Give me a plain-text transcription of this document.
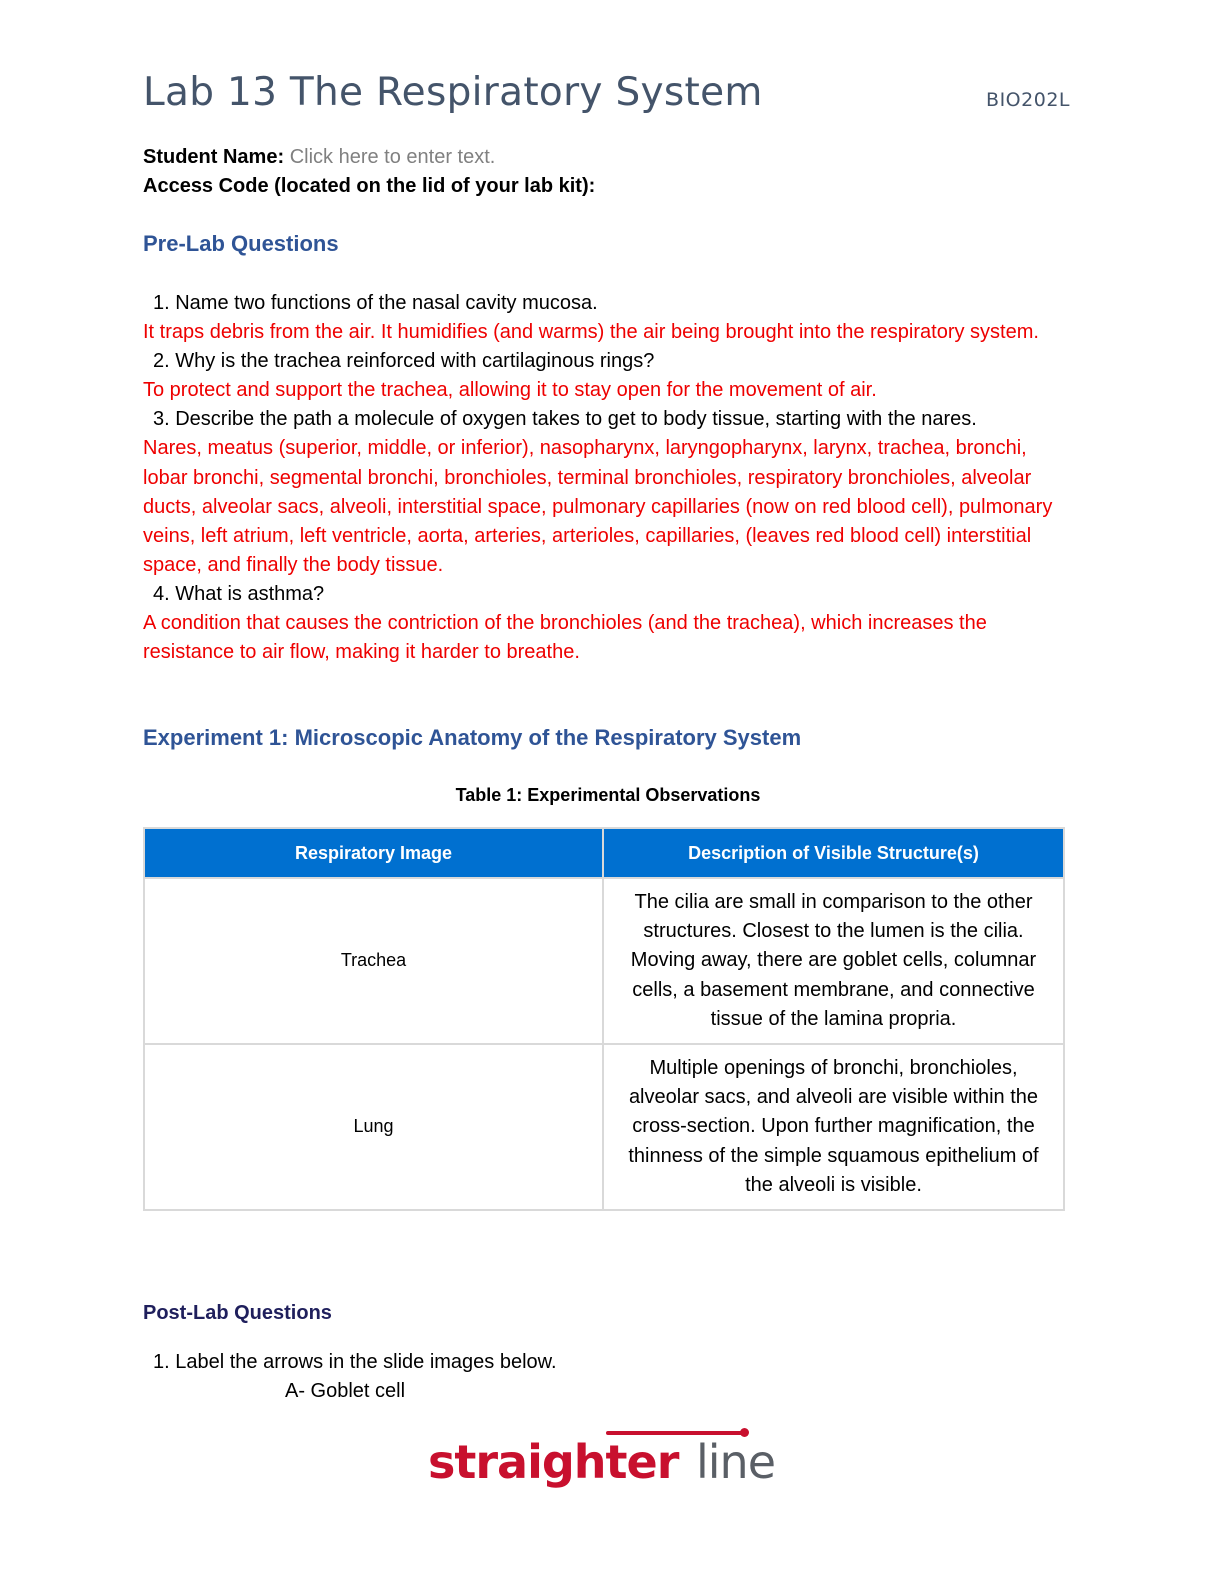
Lab 13 The Respiratory System	BIO202L
Student Name: Click here to enter text.
Access Code (located on the lid of your lab kit):
Pre-Lab Questions
1. Name two functions of the nasal cavity mucosa.
It traps debris from the air. It humidifies (and warms) the air being brought into the respiratory system.
2. Why is the trachea reinforced with cartilaginous rings?
To protect and support the trachea, allowing it to stay open for the movement of air.
3. Describe the path a molecule of oxygen takes to get to body tissue, starting with the nares.
Nares, meatus (superior, middle, or inferior), nasopharynx, laryngopharynx, larynx, trachea, bronchi, lobar bronchi, segmental bronchi, bronchioles, terminal bronchioles, respiratory bronchioles, alveolar ducts, alveolar sacs, alveoli, interstitial space, pulmonary capillaries (now on red blood cell), pulmonary veins, left atrium, left ventricle, aorta, arteries, arterioles, capillaries, (leaves red blood cell) interstitial space, and finally the body tissue.
4. What is asthma?
A condition that causes the contriction of the bronchioles (and the trachea), which increases the resistance to air flow, making it harder to breathe.
Experiment 1: Microscopic Anatomy of the Respiratory System
Table 1: Experimental Observations
Respiratory Image	Description of Visible Structure(s)
Trachea	The cilia are small in comparison to the other structures. Closest to the lumen is the cilia. Moving away, there are goblet cells, columnar cells, a basement membrane, and connective tissue of the lamina propria.
Lung	Multiple openings of bronchi, bronchioles, alveolar sacs, and alveoli are visible within the cross-section. Upon further magnification, the thinness of the simple squamous epithelium of the alveoli is visible.
Post-Lab Questions
1. Label the arrows in the slide images below.
A- Goblet cell
straighter line
